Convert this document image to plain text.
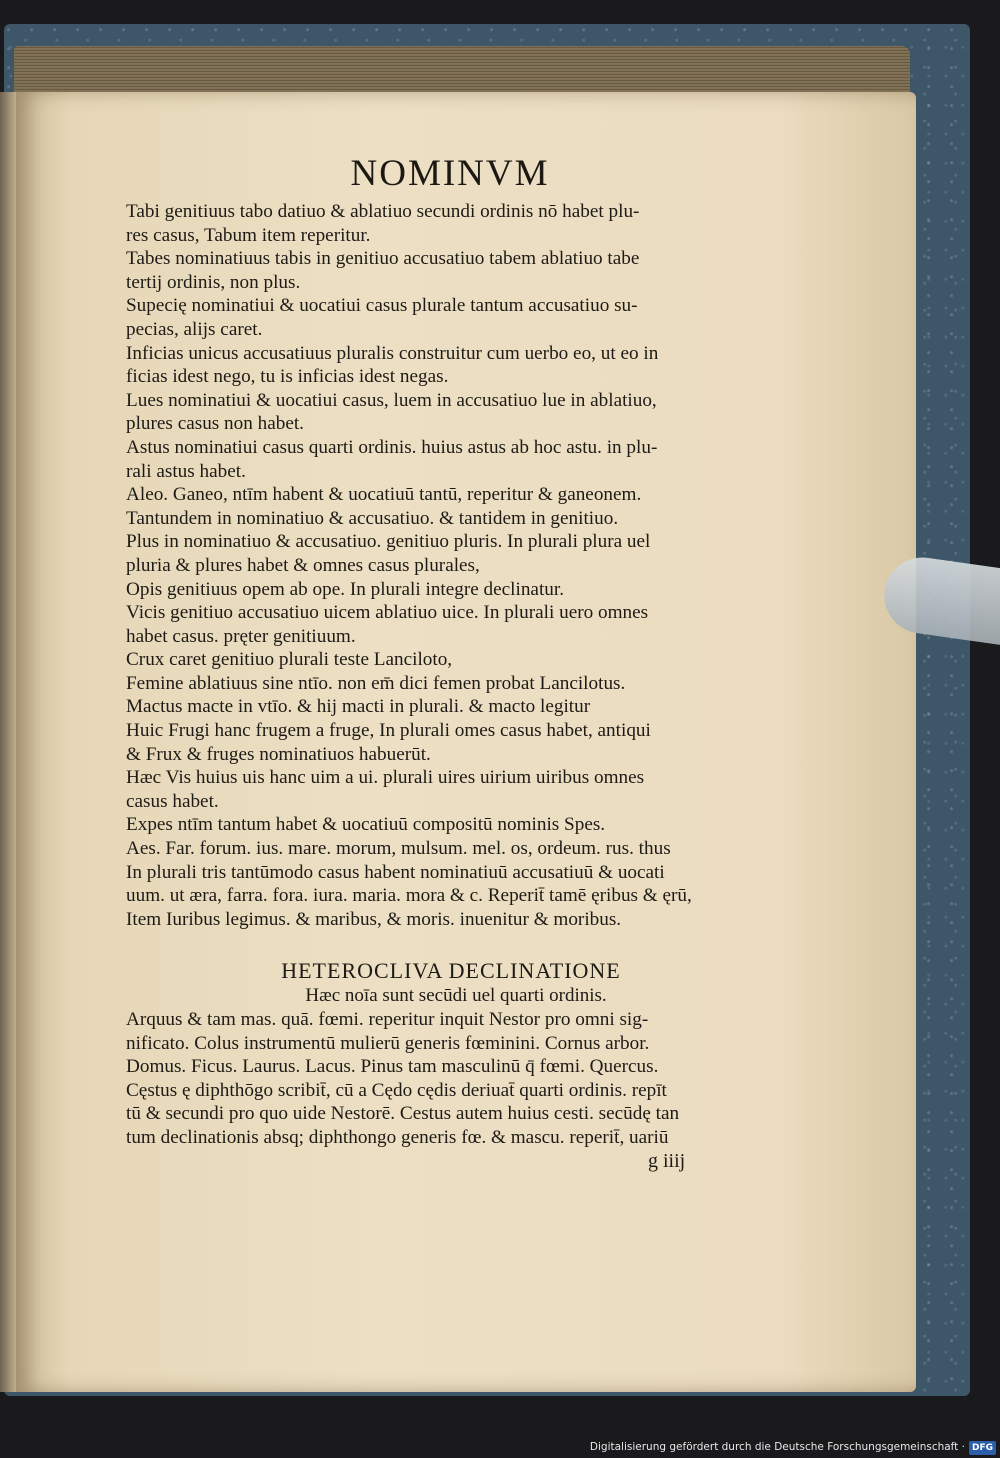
NOMINVM
Tabi genitiuus tabo datiuo & ablatiuo secundi ordinis nō habet plu-
res casus, Tabum item reperitur.
Tabes nominatiuus tabis in genitiuo accusatiuo tabem ablatiuo tabe
tertij ordinis, non plus.
Supecię nominatiui & uocatiui casus plurale tantum accusatiuo su-
pecias, alijs caret.
Inficias unicus accusatiuus pluralis construitur cum uerbo eo, ut eo in
ficias idest nego, tu is inficias idest negas.
Lues nominatiui & uocatiui casus, luem in accusatiuo lue in ablatiuo,
plures casus non habet.
Astus nominatiui casus quarti ordinis. huius astus ab hoc astu. in plu-
rali astus habet.
Aleo. Ganeo, ntīm habent & uocatiuū tantū, reperitur & ganeonem.
Tantundem in nominatiuo & accusatiuo. & tantidem in genitiuo.
Plus in nominatiuo & accusatiuo. genitiuo pluris. In plurali plura uel
pluria & plures habet & omnes casus plurales,
Opis genitiuus opem ab ope. In plurali integre declinatur.
Vicis genitiuo accusatiuo uicem ablatiuo uice. In plurali uero omnes
habet casus. pręter genitiuum.
Crux caret genitiuo plurali teste Lanciloto,
Femine ablatiuus sine ntīo. non em̄ dici femen probat Lancilotus.
Mactus macte in vtīo. & hij macti in plurali. & macto legitur
Huic Frugi hanc frugem a fruge, In plurali omes casus habet, antiqui
& Frux & fruges nominatiuos habuerūt.
Hæc Vis huius uis hanc uim a ui. plurali uires uirium uiribus omnes
casus habet.
Expes ntīm tantum habet & uocatiuū compositū nominis Spes.
Aes. Far. forum. ius. mare. morum, mulsum. mel. os, ordeum. rus. thus
In plurali tris tantūmodo casus habent nominatiuū accusatiuū & uocati
uum. ut æra, farra. fora. iura. maria. mora & c. Reperit̄ tamē ęribus & ęrū,
Item Iuribus legimus. & maribus, & moris. inuenitur & moribus.
HETEROCLIVA DECLINATIONE
Hæc noīa sunt secūdi uel quarti ordinis.
Arquus & tam mas. quā. fœmi. reperitur inquit Nestor pro omni sig-
nificato. Colus instrumentū mulierū generis fœminini. Cornus arbor.
Domus. Ficus. Laurus. Lacus. Pinus tam masculinū q̄ fœmi. Quercus.
Cęstus ę diphthōgo scribit̄, cū a Cędo cędis deriuat̄ quarti ordinis. repīt
tū & secundi pro quo uide Nestorē. Cestus autem huius cesti. secūdę tan
tum declinationis absq; diphthongo generis fœ. & mascu. reperit̄, uariū
g iiij
Digitalisierung gefördert durch die Deutsche Forschungsgemeinschaft · DFG
